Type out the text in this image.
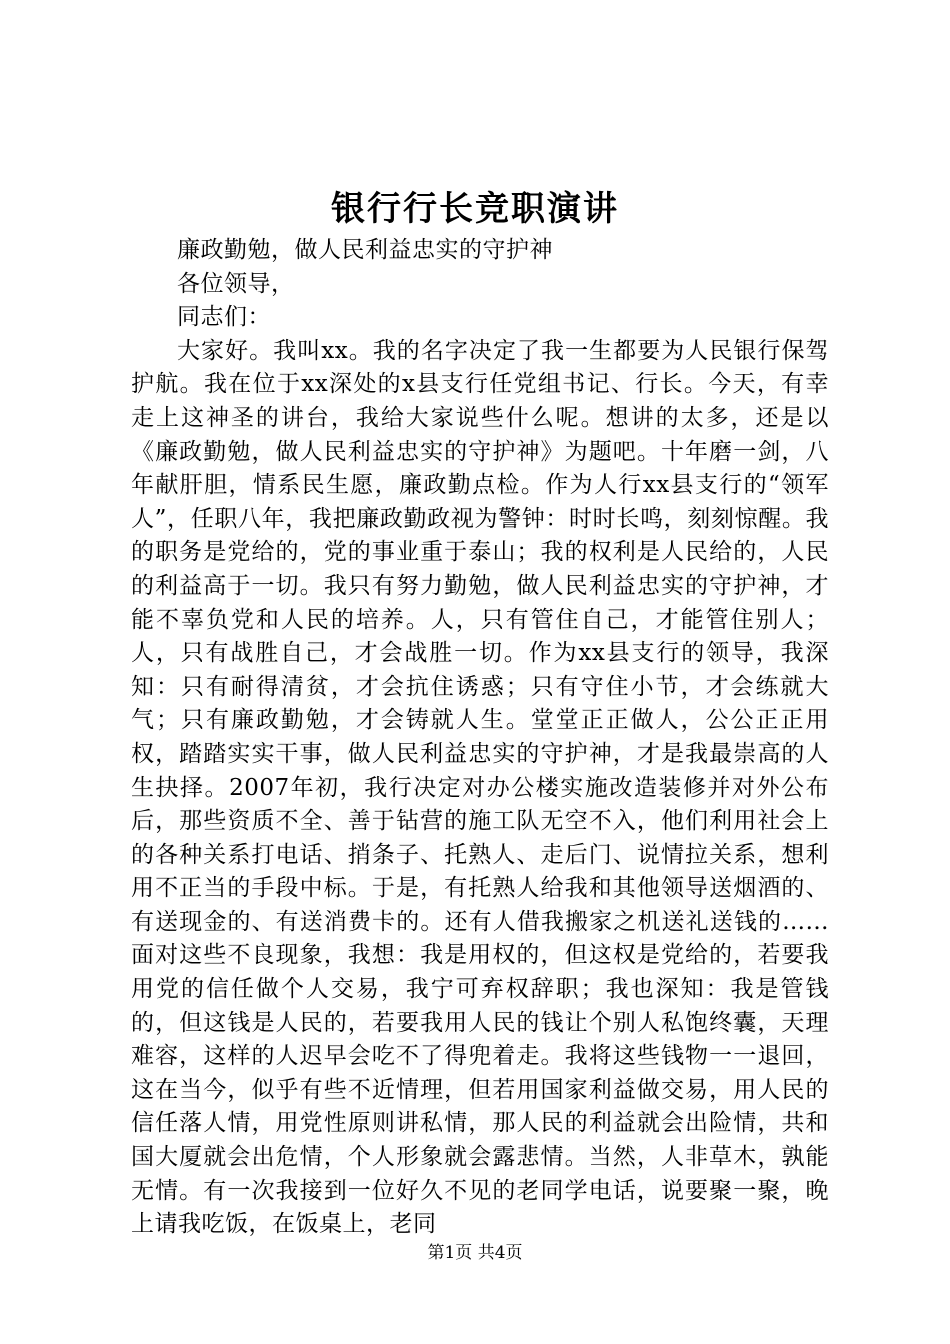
银行行长竞职演讲

廉政勤勉，做人民利益忠实的守护神

各位领导，

同志们：

大家好。我叫xx。我的名字决定了我一生都要为人民银行保驾护航。我在位于xx深处的x县支行任党组书记、行长。今天，有幸走上这神圣的讲台，我给大家说些什么呢。想讲的太多，还是以《廉政勤勉，做人民利益忠实的守护神》为题吧。十年磨一剑，八年献肝胆，情系民生愿，廉政勤点检。作为人行xx县支行的“领军人”，任职八年，我把廉政勤政视为警钟：时时长鸣，刻刻惊醒。我的职务是党给的，党的事业重于泰山；我的权利是人民给的，人民的利益高于一切。我只有努力勤勉，做人民利益忠实的守护神，才能不辜负党和人民的培养。人，只有管住自己，才能管住别人；人，只有战胜自己，才会战胜一切。作为xx县支行的领导，我深知：只有耐得清贫，才会抗住诱惑；只有守住小节，才会练就大气；只有廉政勤勉，才会铸就人生。堂堂正正做人，公公正正用权，踏踏实实干事，做人民利益忠实的守护神，才是我最崇高的人生抉择。2007年初，我行决定对办公楼实施改造装修并对外公布后，那些资质不全、善于钻营的施工队无空不入，他们利用社会上的各种关系打电话、捎条子、托熟人、走后门、说情拉关系，想利用不正当的手段中标。于是，有托熟人给我和其他领导送烟酒的、有送现金的、有送消费卡的。还有人借我搬家之机送礼送钱的…...面对这些不良现象，我想：我是用权的，但这权是党给的，若要我用党的信任做个人交易，我宁可弃权辞职；我也深知：我是管钱的，但这钱是人民的，若要我用人民的钱让个别人私饱终囊，天理难容，这样的人迟早会吃不了得兜着走。我将这些钱物一一退回，这在当今，似乎有些不近情理，但若用国家利益做交易，用人民的信任落人情，用党性原则讲私情，那人民的利益就会出险情，共和国大厦就会出危情，个人形象就会露悲情。当然，人非草木，孰能无情。有一次我接到一位好久不见的老同学电话，说要聚一聚，晚上请我吃饭，在饭桌上，老同

第1页 共4页
